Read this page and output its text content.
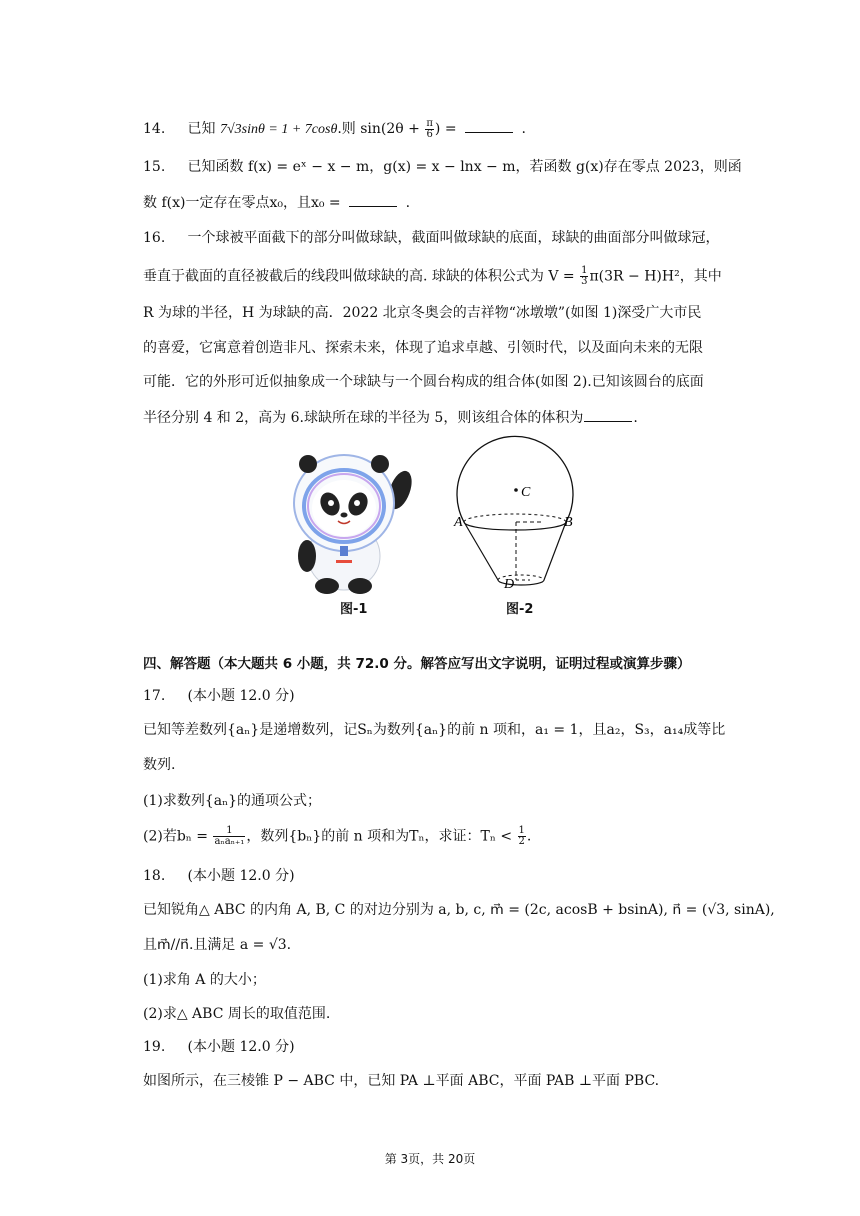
14. 已知 7√3sinθ = 1 + 7cosθ.则 $\sin(2\theta + \frac{\pi}{6}$ ) =	.
15. 已知函数 f(x) = eˣ − x − m，g(x) = x − lnx − m，若函数 g(x)存在零点 2023，则函
数 f(x)一定存在零点x₀，且x₀ =	.
16. 一个球被平面截下的部分叫做球缺，截面叫做球缺的底面，球缺的曲面部分叫做球冠，
垂直于截面的直径被截后的线段叫做球缺的高. 球缺的体积公式为 $V = \frac{1}{3} \pi(3R - H)H^2$，其中
R 为球的半径，H 为球缺的高．2022 北京冬奥会的吉祥物“冰墩墩”(如图 1)深受广大市民
的喜爱，它寓意着创造非凡、探索未来，体现了追求卓越、引领时代，以及面向未来的无限
可能．它的外形可近似抽象成一个球缺与一个圆台构成的组合体(如图 2).已知该圆台的底面
半径分别 4 和 2，高为 6.球缺所在球的半径为 5，则该组合体的体积为	.
图-1
C
A	B
D
图-2
四、解答题（本大题共 6 小题，共 72.0 分。解答应写出文字说明，证明过程或演算步骤）
17. (本小题 12.0 分)
已知等差数列{aₙ}是递增数列，记Sₙ为数列{aₙ}的前 n 项和，a₁ = 1，且a₂，S₃，a₁₄成等比
数列.
(1)求数列{aₙ}的通项公式；
(2)若$b_n = \frac{1}{\text{aₙaₙ₊₁}}$ ，数列{bₙ}的前 n 项和为Tₙ，求证：$T_n < \frac{1}{2}$ .
18. (本小题 12.0 分)
已知锐角△ ABC 的内角 A, B, C 的对边分别为 a, b, c, m⃗ = (2c, acosB + bsinA), n⃗ = (√3, sinA),
且m⃗//n⃗.且满足 a = √3.
(1)求角 A 的大小；
(2)求△ ABC 周长的取值范围.
19. (本小题 12.0 分)
如图所示，在三棱锥 P − ABC 中，已知 PA ⊥平面 ABC，平面 PAB ⊥平面 PBC.
第 3页，共 20页
